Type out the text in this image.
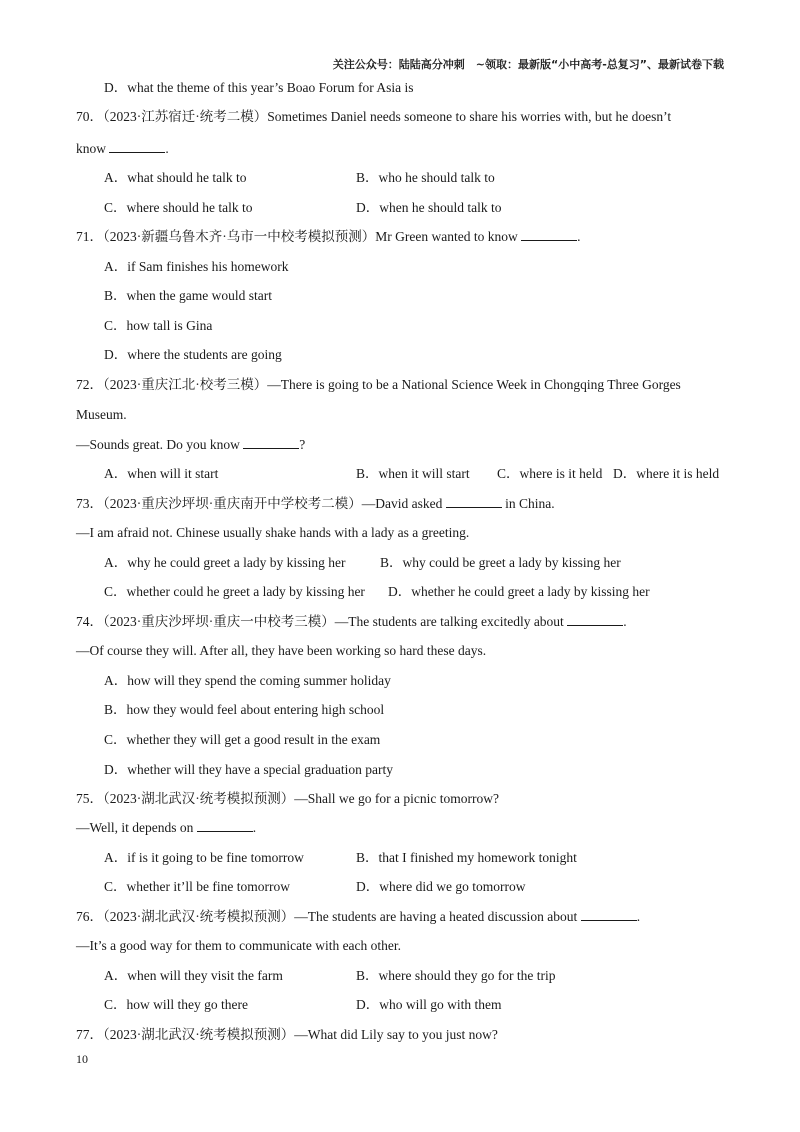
关注公众号：陆陆高分冲刺　~领取：最新版“小中高考-总复习”、最新试卷下载
D．what the theme of this year’s Boao Forum for Asia is
70．（2023·江苏宿迁·统考二模）Sometimes Daniel needs someone to share his worries with, but he doesn’t
know	.
A．what should he talk to	B．who he should talk to
C．where should he talk to	D．when he should talk to
71．（2023·新疆乌鲁木齐·乌市一中校考模拟预测）Mr Green wanted to know	.
A．if Sam finishes his homework
B．when the game would start
C．how tall is Gina
D．where the students are going
72．（2023·重庆江北·校考三模）—There is going to be a National Science Week in Chongqing Three Gorges
Museum.
—Sounds great. Do you know	?
A．when will it start	B．when it will start C．where is it held D．where it is held
73．（2023·重庆沙坪坝·重庆南开中学校考二模）—David asked	in China.
—I am afraid not. Chinese usually shake hands with a lady as a greeting.
A．why he could greet a lady by kissing her	B．why could be greet a lady by kissing her
C．whether could he greet a lady by kissing her D．whether he could greet a lady by kissing her
74．（2023·重庆沙坪坝·重庆一中校考三模）—The students are talking excitedly about	.
—Of course they will. After all, they have been working so hard these days.
A．how will they spend the coming summer holiday
B．how they would feel about entering high school
C．whether they will get a good result in the exam
D．whether will they have a special graduation party
75．（2023·湖北武汉·统考模拟预测）—Shall we go for a picnic tomorrow?
—Well, it depends on	.
A．if is it going to be fine tomorrow	B．that I finished my homework tonight
C．whether it’ll be fine tomorrow	D．where did we go tomorrow
76．（2023·湖北武汉·统考模拟预测）—The students are having a heated discussion about	.
—It’s a good way for them to communicate with each other.
A．when will they visit the farm	B．where should they go for the trip
C．how will they go there	D．who will go with them
77．（2023·湖北武汉·统考模拟预测）—What did Lily say to you just now?
10
